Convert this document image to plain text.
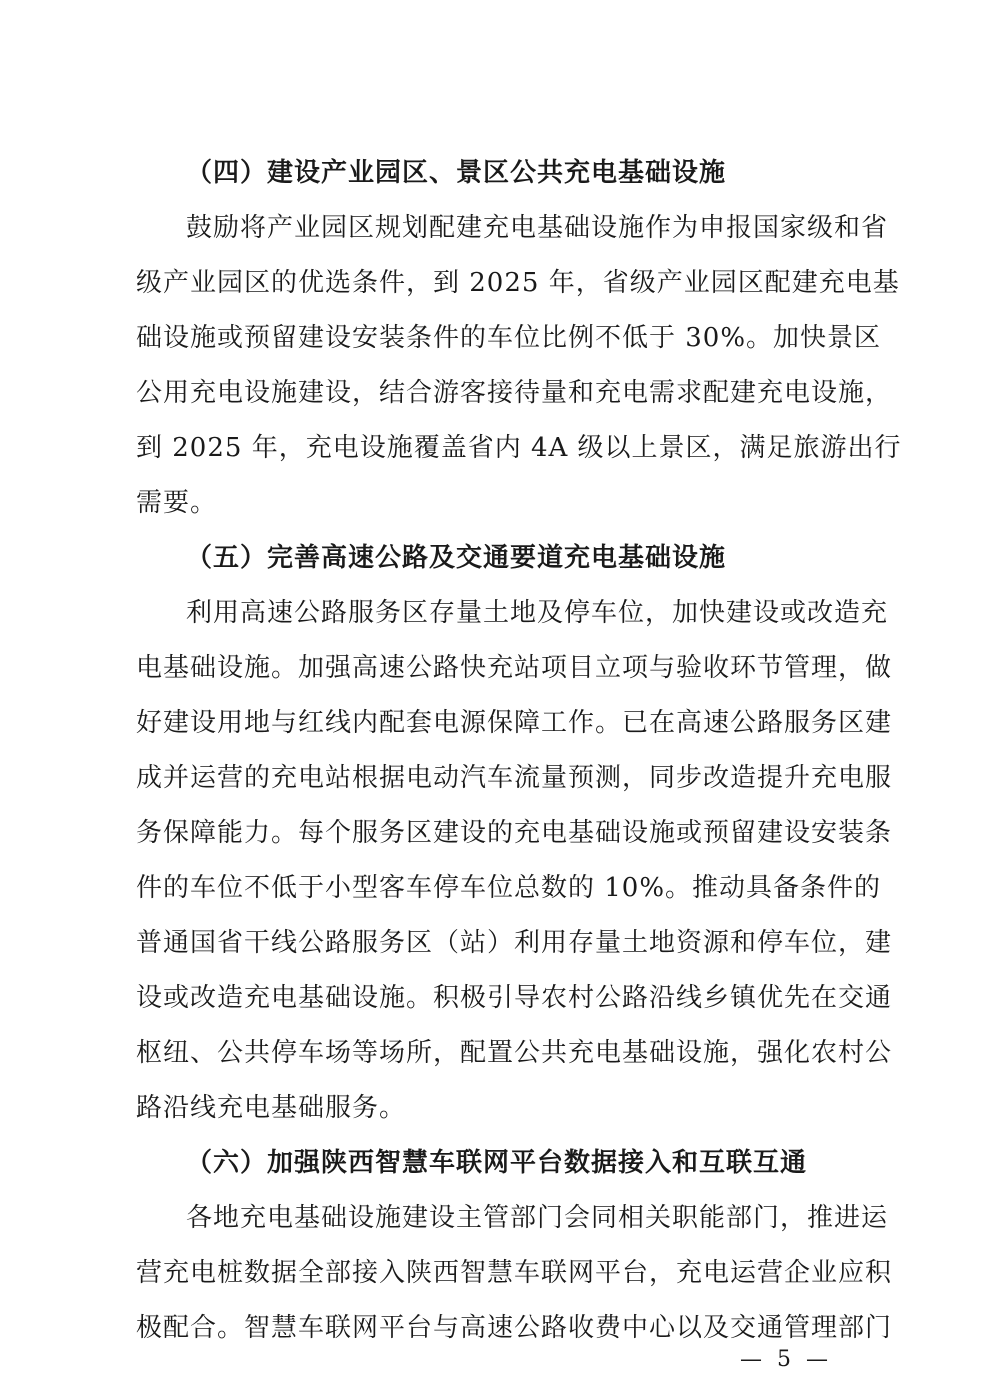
（四）建设产业园区、景区公共充电基础设施
鼓励将产业园区规划配建充电基础设施作为申报国家级和省
级产业园区的优选条件，到 2025 年，省级产业园区配建充电基
础设施或预留建设安装条件的车位比例不低于 30%。加快景区
公用充电设施建设，结合游客接待量和充电需求配建充电设施，
到 2025 年，充电设施覆盖省内 4A 级以上景区，满足旅游出行
需要。
（五）完善高速公路及交通要道充电基础设施
利用高速公路服务区存量土地及停车位，加快建设或改造充
电基础设施。加强高速公路快充站项目立项与验收环节管理，做
好建设用地与红线内配套电源保障工作。已在高速公路服务区建
成并运营的充电站根据电动汽车流量预测，同步改造提升充电服
务保障能力。每个服务区建设的充电基础设施或预留建设安装条
件的车位不低于小型客车停车位总数的 10%。推动具备条件的
普通国省干线公路服务区（站）利用存量土地资源和停车位，建
设或改造充电基础设施。积极引导农村公路沿线乡镇优先在交通
枢纽、公共停车场等场所，配置公共充电基础设施，强化农村公
路沿线充电基础服务。
（六）加强陕西智慧车联网平台数据接入和互联互通
各地充电基础设施建设主管部门会同相关职能部门，推进运
营充电桩数据全部接入陕西智慧车联网平台，充电运营企业应积
极配合。智慧车联网平台与高速公路收费中心以及交通管理部门
— 5 —
